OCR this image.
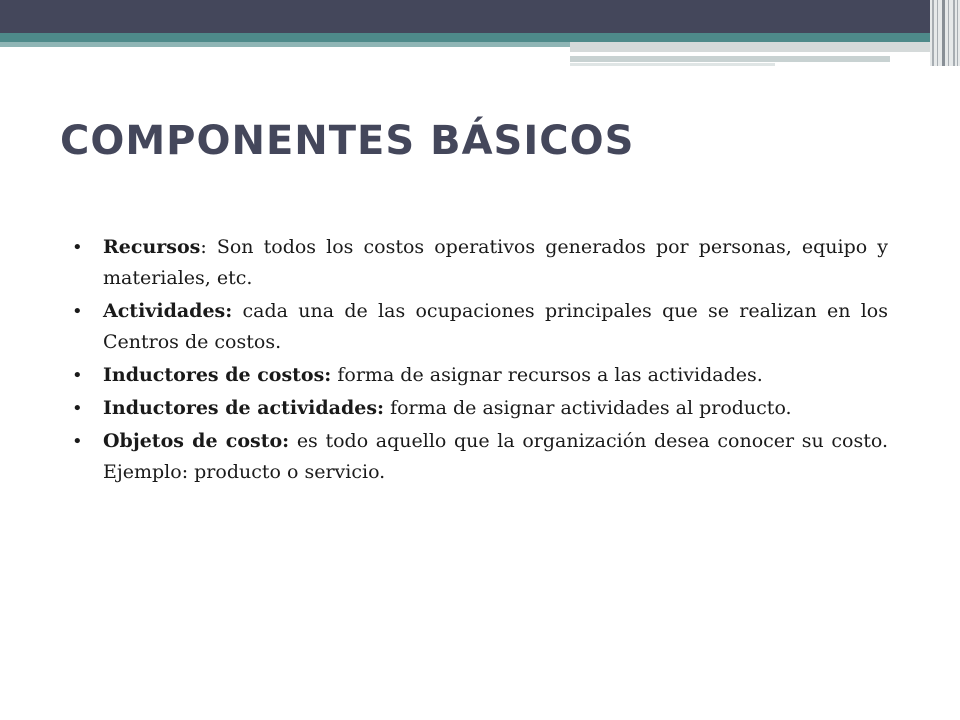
COMPONENTES BÁSICOS
• Recursos: Son todos los costos operativos generados por personas, equipo y materiales, etc.
• Actividades: cada una de las ocupaciones principales que se realizan en los Centros de costos.
• Inductores de costos: forma de asignar recursos a las actividades.
• Inductores de actividades: forma de asignar actividades al producto.
• Objetos de costo: es todo aquello que la organización desea conocer su costo. Ejemplo: producto o servicio.
